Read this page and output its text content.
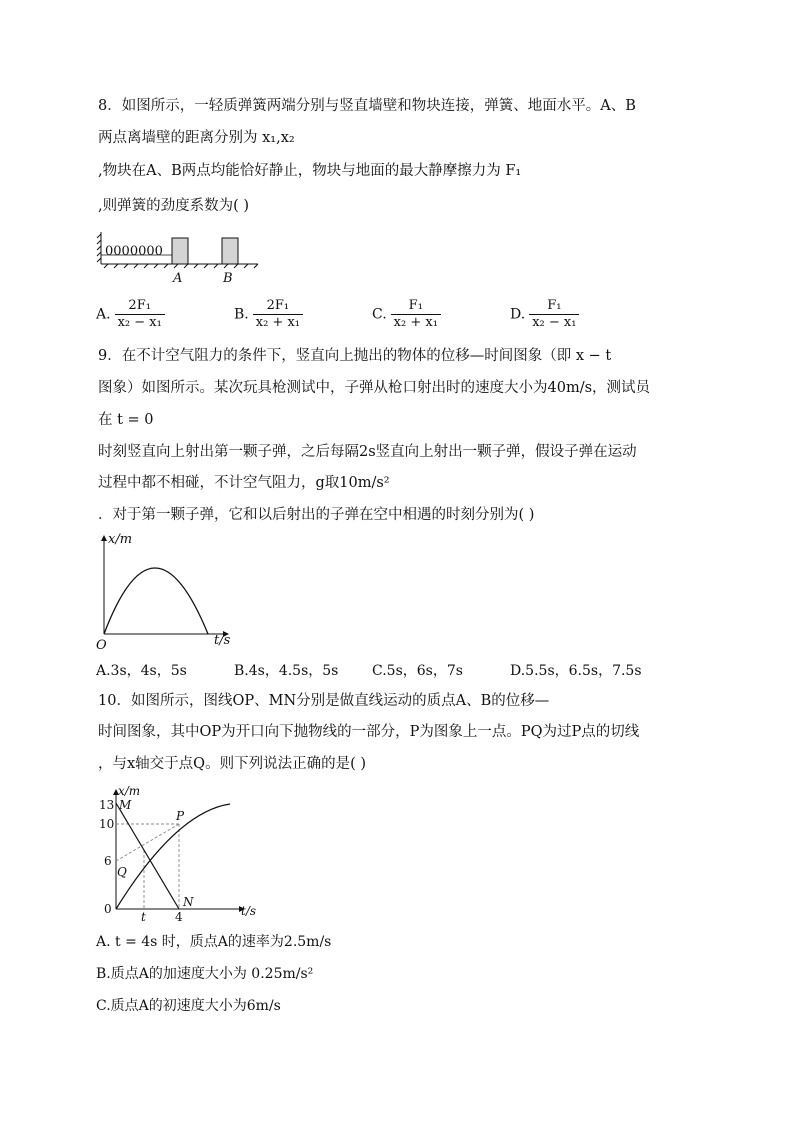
8．如图所示，一轻质弹簧两端分别与竖直墙壁和物块连接，弹簧、地面水平。A、B
两点离墙壁的距离分别为 x₁,x₂
,物块在A、B两点均能恰好静止，物块与地面的最大静摩擦力为 F₁
,则弹簧的劲度系数为( )
0000000
A	B
A. $\frac{\text{2F₁}}{\text{x₂ − x₁}}$	B. $\frac{\text{2F₁}}{\text{x₂ + x₁}}$	C. $\frac{\text{F₁}}{\text{x₂ + x₁}}$	D. $\frac{\text{F₁}}{\text{x₂ − x₁}}$
9．在不计空气阻力的条件下，竖直向上抛出的物体的位移—时间图象（即 x − t
图象）如图所示。某次玩具枪测试中，子弹从枪口射出时的速度大小为40m/s，测试员
在 t = 0
时刻竖直向上射出第一颗子弹，之后每隔2s竖直向上射出一颗子弹，假设子弹在运动
过程中都不相碰，不计空气阻力，g取10m/s²
．对于第一颗子弹，它和以后射出的子弹在空中相遇的时刻分别为( )
x/m
t/s
O
A.3s，4s，5s	B.4s，4.5s，5s C.5s，6s，7s	D.5.5s，6.5s，7.5s
10．如图所示，图线OP、MN分别是做直线运动的质点A、B的位移—
时间图象，其中OP为开口向下抛物线的一部分，P为图象上一点。PQ为过P点的切线
，与x轴交于点Q。则下列说法正确的是( )
x/m
t/s
13
10
6
0
M
P
Q
N
t 4
A. t = 4s 时，质点A的速率为2.5m/s
B.质点A的加速度大小为 0.25m/s²
C.质点A的初速度大小为6m/s
